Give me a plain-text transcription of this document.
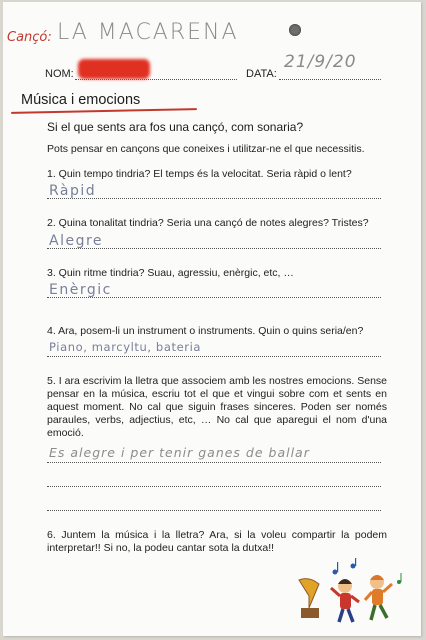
Cançó: LA MACARENA
NOM:	DATA:
21/9/20
Música i emocions
Si el que sents ara fos una cançó, com sonaria?
Pots pensar en cançons que coneixes i utilitzar-ne el que necessitis.
1. Quin tempo tindria? El temps és la velocitat. Seria ràpid o lent?
Ràpid
2. Quina tonalitat tindria? Seria una cançó de notes alegres? Tristes?
Alegre
3. Quin ritme tindria? Suau, agressiu, enèrgic, etc, …
Enèrgic
4. Ara, posem-li un instrument o instruments. Quin o quins seria/en?
Piano, marcyltu, bateria
5. I ara escrivim la lletra que associem amb les nostres emocions. Sense pensar en la música, escriu tot el que et vingui sobre com et sents en aquest moment. No cal que siguin frases sinceres. Poden ser només paraules, verbs, adjectius, etc, … No cal que aparegui el nom d'una emoció.
Es alegre i per tenir ganes de ballar
6. Juntem la música i la lletra? Ara, si la voleu compartir la podem interpretar!! Si no, la podeu cantar sota la dutxa!!
